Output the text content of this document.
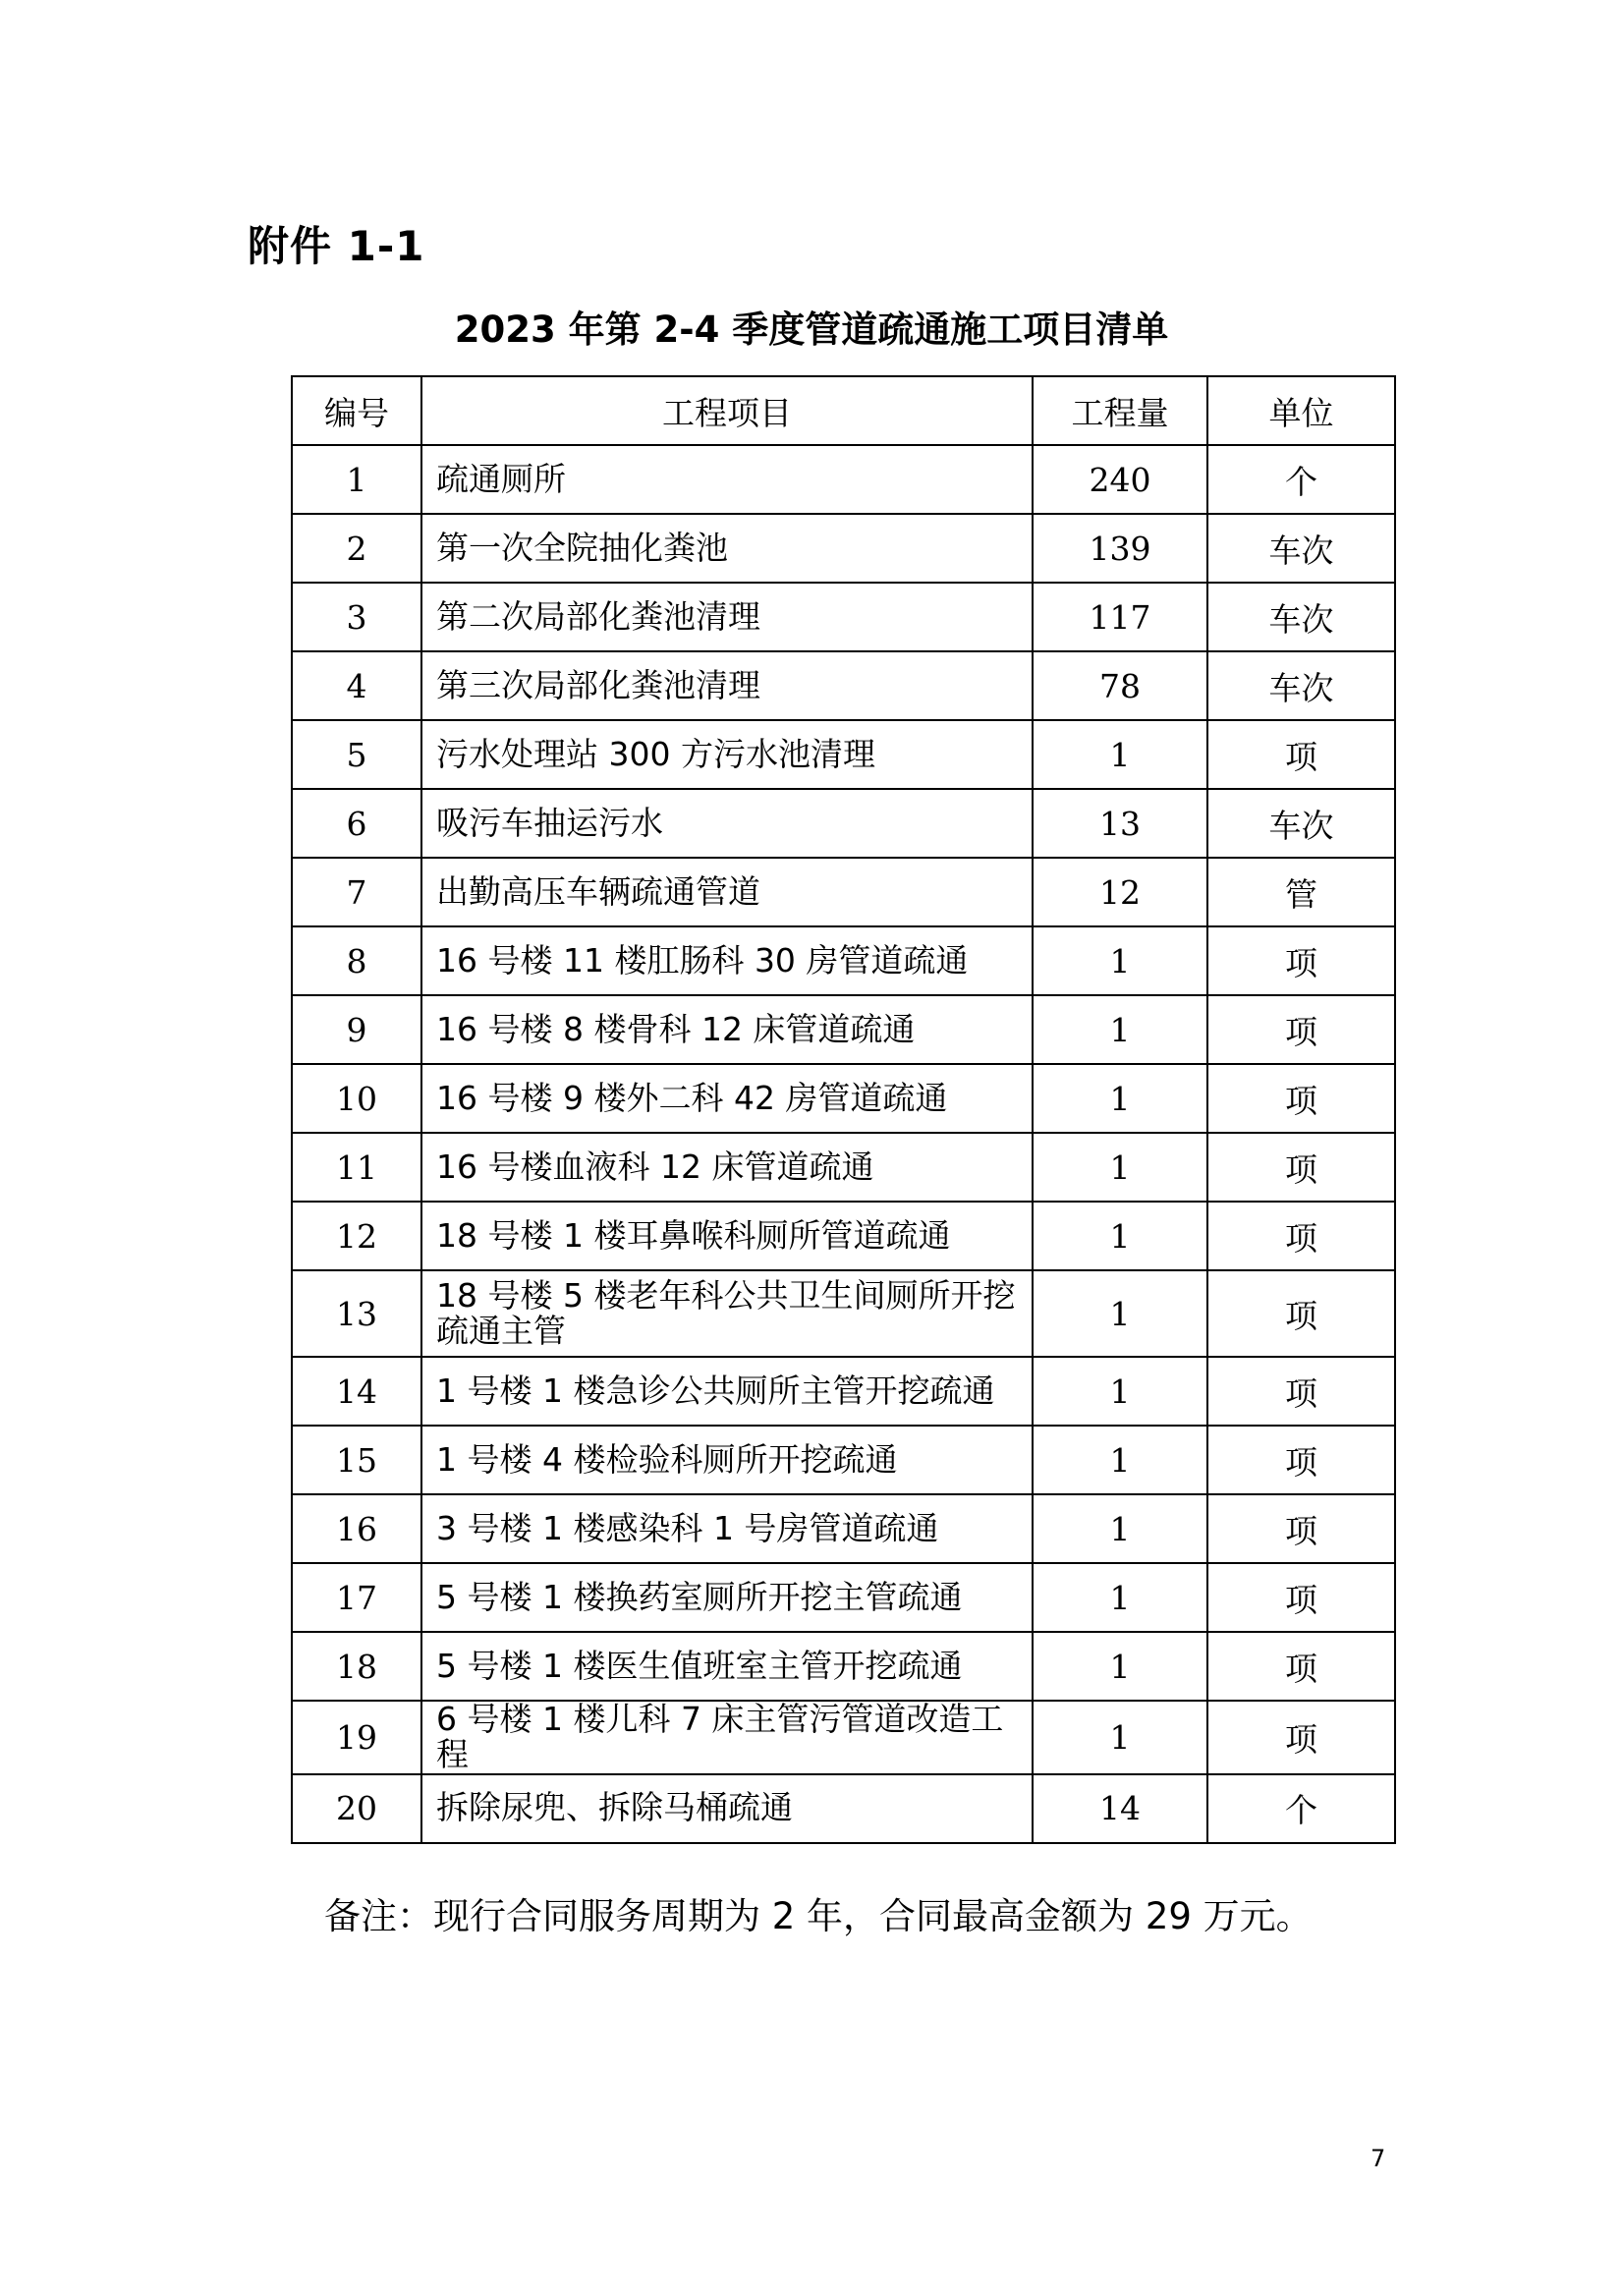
附件 1-1
2023 年第 2-4 季度管道疏通施工项目清单
编号	工程项目	工程量	单位
1	疏通厕所	240	个
2	第一次全院抽化粪池	139	车次
3	第二次局部化粪池清理	117	车次
4	第三次局部化粪池清理	78	车次
5	污水处理站 300 方污水池清理	1	项
6	吸污车抽运污水	13	车次
7	出勤高压车辆疏通管道	12	管
8	16 号楼 11 楼肛肠科 30 房管道疏通	1	项
9	16 号楼 8 楼骨科 12 床管道疏通	1	项
10	16 号楼 9 楼外二科 42 房管道疏通	1	项
11	16 号楼血液科 12 床管道疏通	1	项
12	18 号楼 1 楼耳鼻喉科厕所管道疏通	1	项
13	18 号楼 5 楼老年科公共卫生间厕所开挖疏通主管	1	项
14	1 号楼 1 楼急诊公共厕所主管开挖疏通	1	项
15	1 号楼 4 楼检验科厕所开挖疏通	1	项
16	3 号楼 1 楼感染科 1 号房管道疏通	1	项
17	5 号楼 1 楼换药室厕所开挖主管疏通	1	项
18	5 号楼 1 楼医生值班室主管开挖疏通	1	项
19	6 号楼 1 楼儿科 7 床主管污管道改造工程	1	项
20	拆除尿兜、拆除马桶疏通	14	个
备注：现行合同服务周期为 2 年，合同最高金额为 29 万元。
7
